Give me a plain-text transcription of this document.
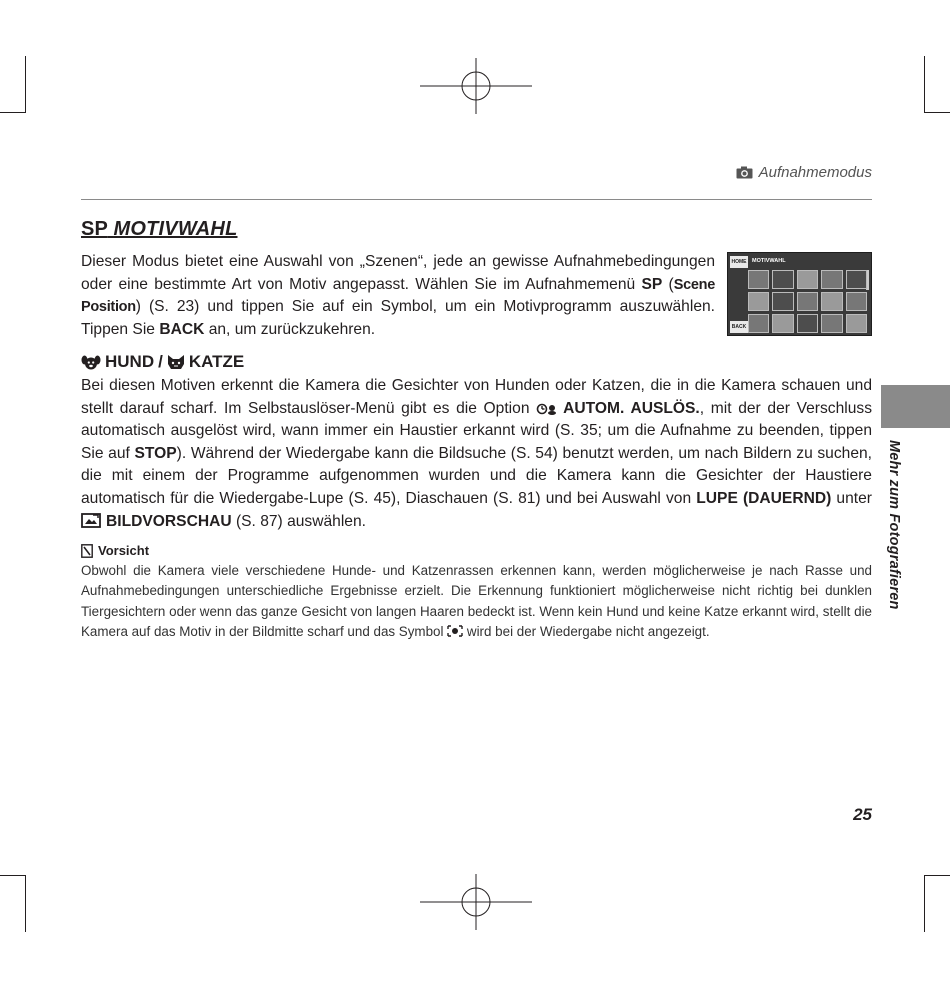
Aufnahmemodus
SP MOTIVWAHL

Dieser Modus bietet eine Auswahl von „Szenen“, jede an gewisse Aufnahmebedingungen oder eine bestimmte Art von Motiv angepasst. Wählen Sie im Aufnahmemenü SP (Scene Position) (S. 23) und tippen Sie auf ein Symbol, um ein Motivprogramm auszuwählen. Tippen Sie BACK an, um zurückzukehren.

HOME MOTIVWAHL
BACK
HUND / KATZE

Bei diesen Motiven erkennt die Kamera die Gesichter von Hunden oder Katzen, die in die Kamera schauen und stellt darauf scharf. Im Selbstauslöser-Menü gibt es die Option AUTOM. AUSLÖS., mit der der Verschluss automatisch ausgelöst wird, wann immer ein Haustier erkannt wird (S. 35; um die Aufnahme zu beenden, tippen Sie auf STOP). Während der Wiedergabe kann die Bildsuche (S. 54) benutzt werden, um nach Bildern zu suchen, die mit einem der Programme aufgenommen wurden und die Kamera kann die Gesichter der Haustiere automatisch für die Wiedergabe-Lupe (S. 45), Diaschauen (S. 81) und bei Auswahl von LUPE (DAUERND) unter BILDVORSCHAU (S. 87) auswählen.

Vorsicht

Obwohl die Kamera viele verschiedene Hunde- und Katzenrassen erkennen kann, werden möglicherweise je nach Rasse und Aufnahmebedingungen unterschiedliche Ergebnisse erzielt. Die Erkennung funktioniert möglicherweise nicht richtig bei dunklen Tiergesichtern oder wenn das ganze Gesicht von langen Haaren bedeckt ist. Wenn kein Hund und keine Katze erkannt wird, stellt die Kamera auf das Motiv in der Bildmitte scharf und das Symbol  wird bei der Wiedergabe nicht angezeigt.

Mehr zum Fotografieren
25
